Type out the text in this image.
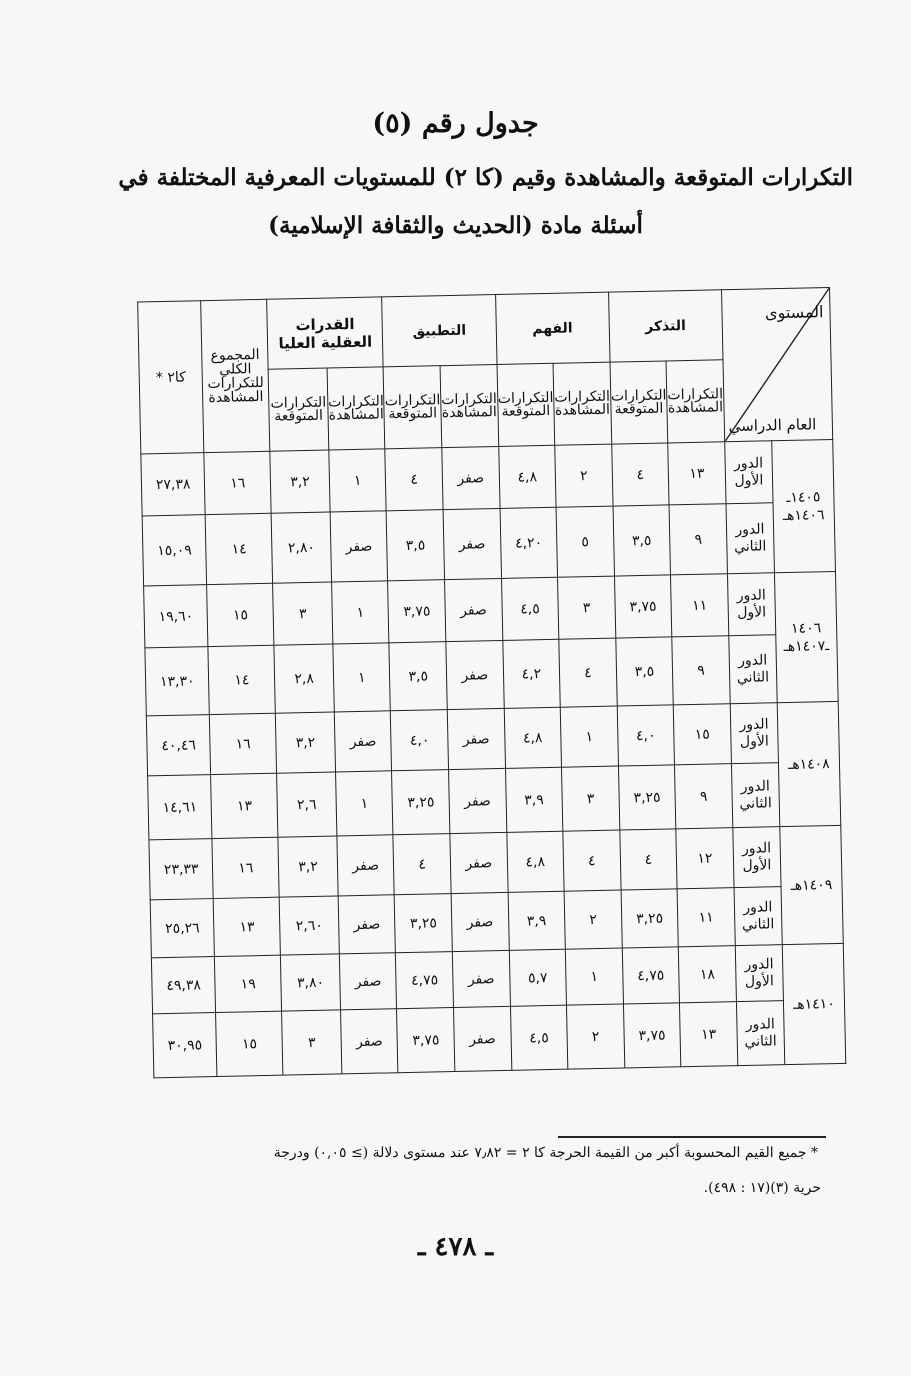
جدول رقم (٥)
التكرارات المتوقعة والمشاهدة وقيم (كا ٢) للمستويات المعرفية المختلفة في
أسئلة مادة (الحديث والثقافة الإسلامية)
المستوى
العام الدراسي		التذكر		الفهم		التطبيق		القدرات العقلية العليا		المجموع الكلي للتكرارات المشاهدة	كا٢ *
		التكرارات المشاهدة	التكرارات المتوقعة	التكرارات المشاهدة	التكرارات المتوقعة	التكرارات المشاهدة	التكرارات المتوقعة	التكرارات المشاهدة	التكرارات المتوقعة		
١٤٠٥ـ ١٤٠٦هـ	الدور الأول	١٣	٤	٢	٤,٨	صفر	٤	١	٣,٢	١٦	٢٧,٣٨
	الدور الثاني	٩	٣,٥	٥	٤,٢٠	صفر	٣,٥	صفر	٢,٨٠	١٤	١٥,٠٩
١٤٠٦ ـ١٤٠٧هـ	الدور الأول	١١	٣,٧٥	٣	٤,٥	صفر	٣,٧٥	١	٣	١٥	١٩,٦٠
	الدور الثاني	٩	٣,٥	٤	٤,٢	صفر	٣,٥	١	٢,٨	١٤	١٣,٣٠
١٤٠٨هـ	الدور الأول	١٥	٤,٠	١	٤,٨	صفر	٤,٠	صفر	٣,٢	١٦	٤٠,٤٦
	الدور الثاني	٩	٣,٢٥	٣	٣,٩	صفر	٣,٢٥	١	٢,٦	١٣	١٤,٦١
١٤٠٩هـ	الدور الأول	١٢	٤	٤	٤,٨	صفر	٤	صفر	٣,٢	١٦	٢٣,٣٣
	الدور الثاني	١١	٣,٢٥	٢	٣,٩	صفر	٣,٢٥	صفر	٢,٦٠	١٣	٢٥,٢٦
١٤١٠هـ	الدور الأول	١٨	٤,٧٥	١	٥,٧	صفر	٤,٧٥	صفر	٣,٨٠	١٩	٤٩,٣٨
	الدور الثاني	١٣	٣,٧٥	٢	٤,٥	صفر	٣,٧٥	صفر	٣	١٥	٣٠,٩٥
* جميع القيم المحسوبة أكبر من القيمة الحرجة كا ٢ = ٧٫٨٢ عند مستوى دلالة (≥ ٠,٠٥) ودرجة
حرية (٣)(١٧ : ٤٩٨).
ـ ٤٧٨ ـ
